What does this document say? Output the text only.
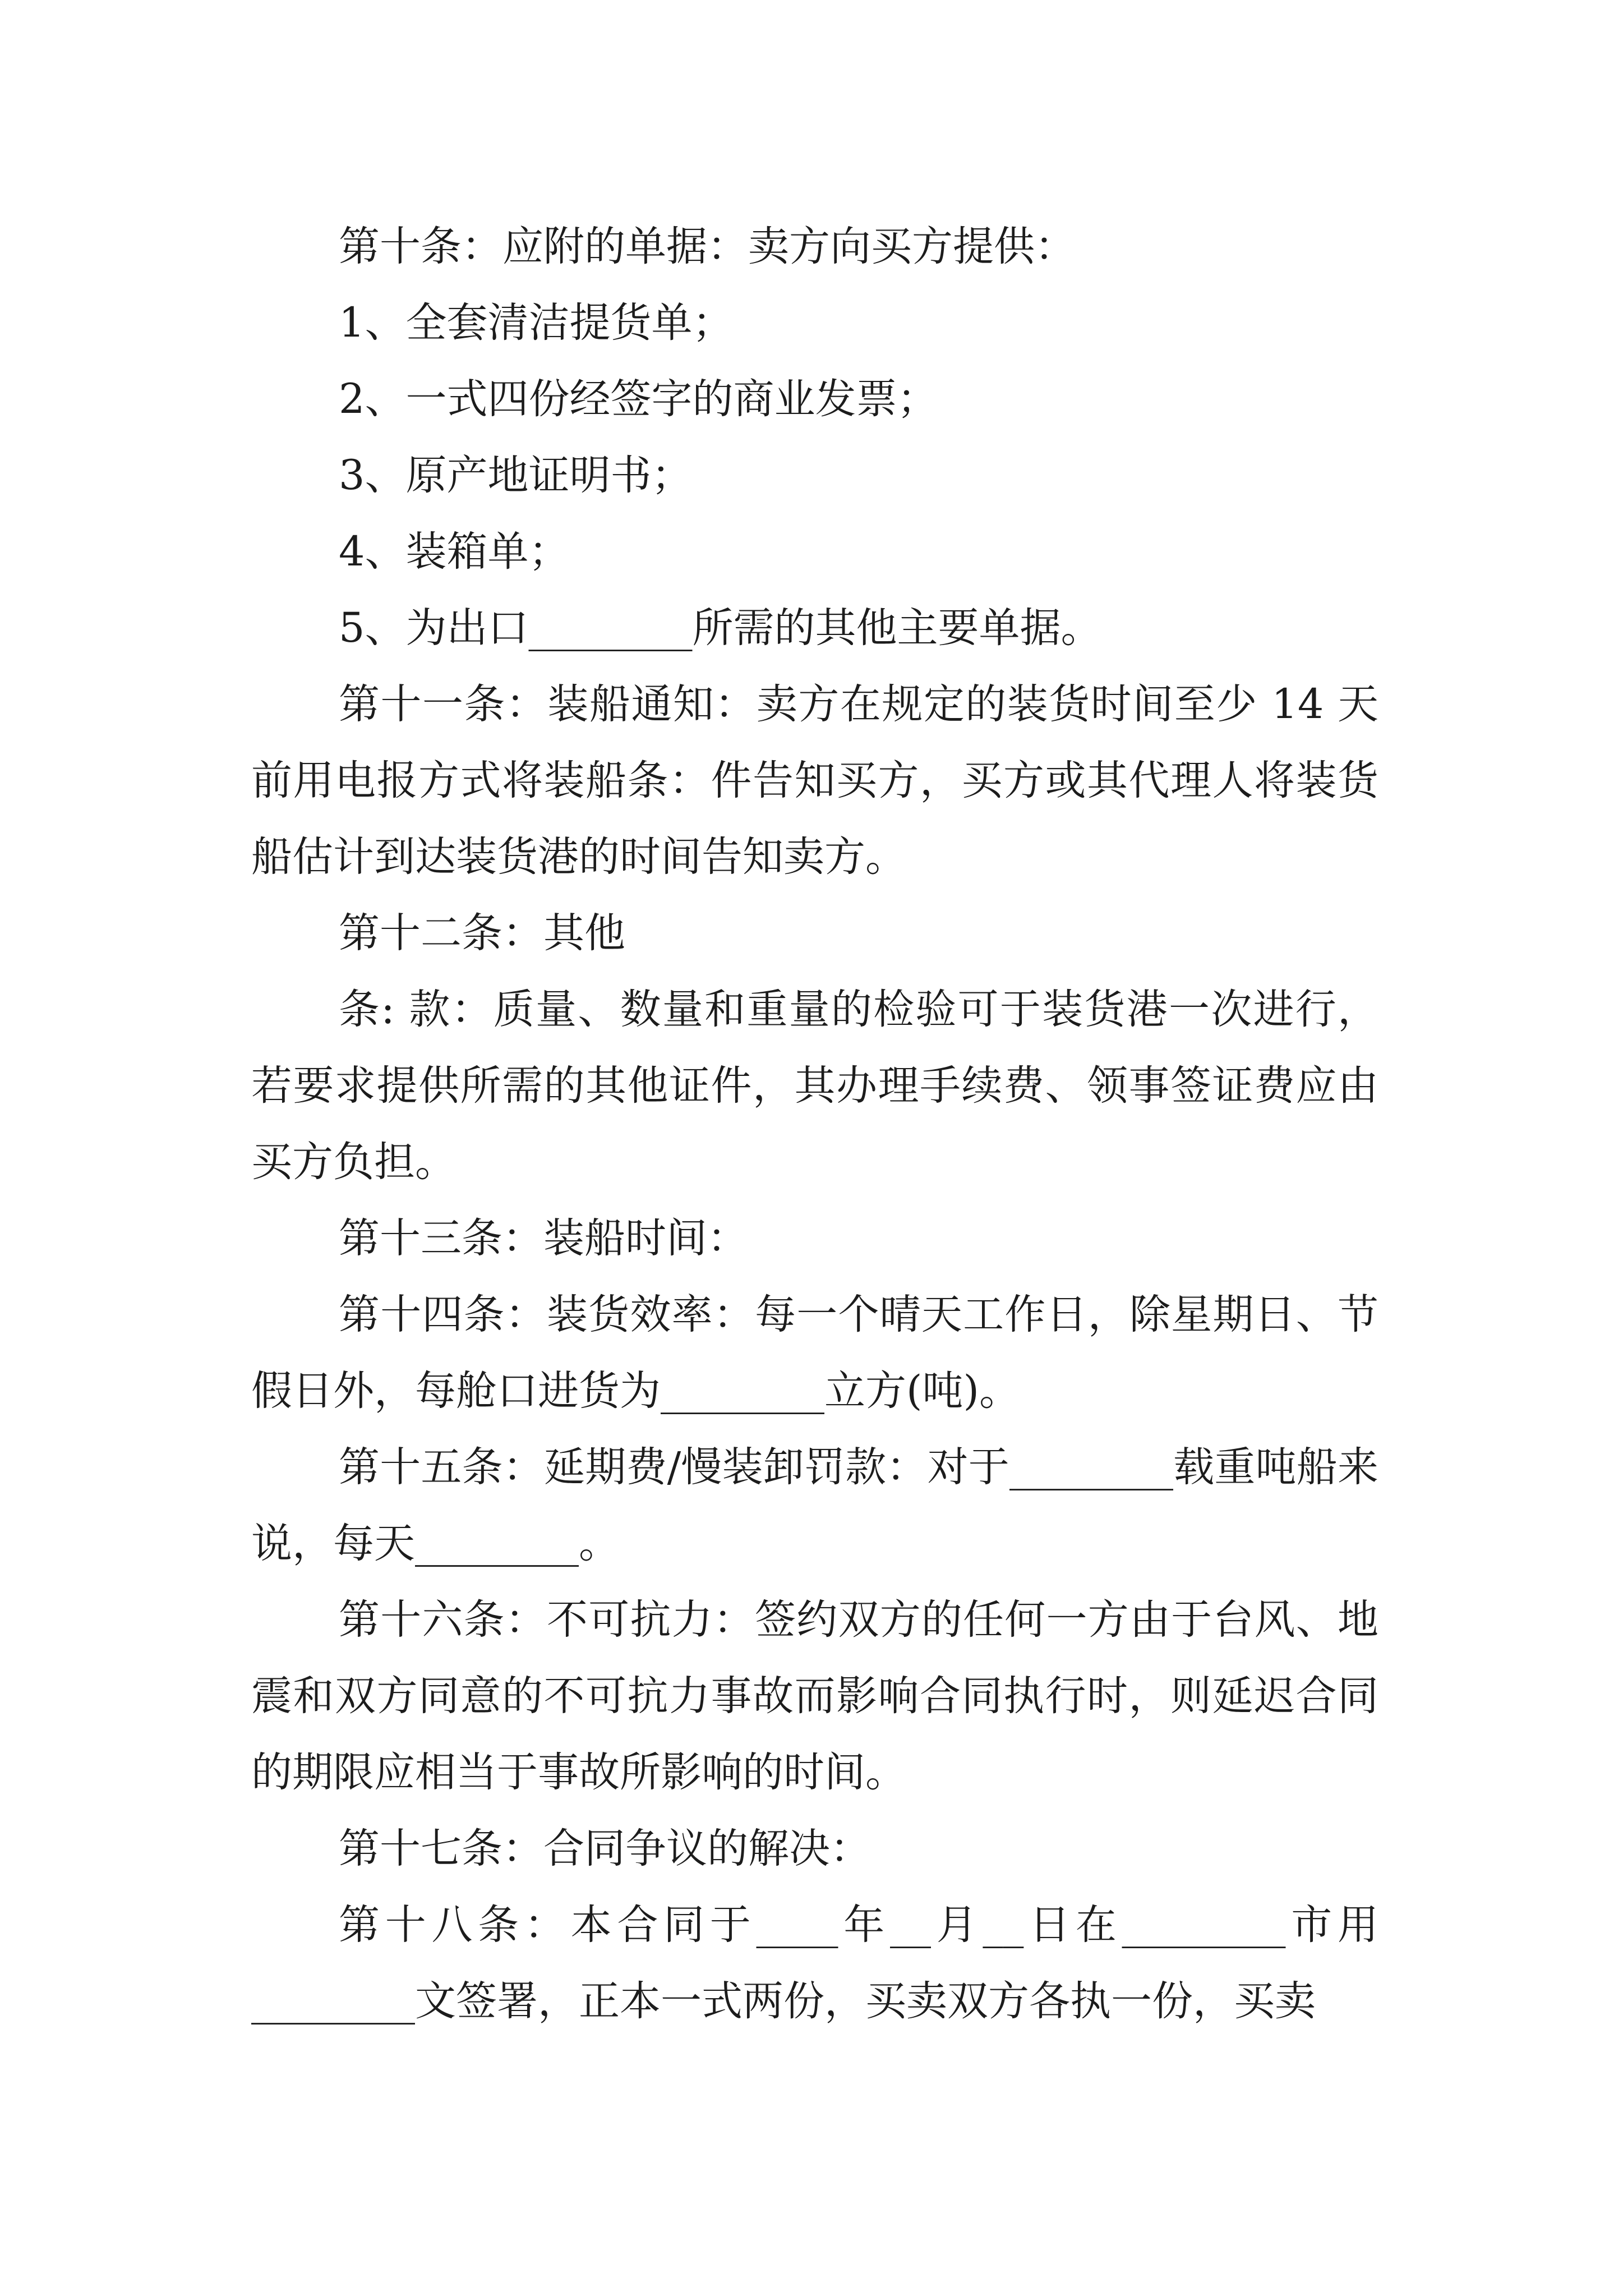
第十条：应附的单据：卖方向买方提供：

1、全套清洁提货单；

2、一式四份经签字的商业发票；

3、原产地证明书；

4、装箱单；

5、为出口________所需的其他主要单据。

第十一条：装船通知：卖方在规定的装货时间至少 14 天前用电报方式将装船条：件告知买方，买方或其代理人将装货船估计到达装货港的时间告知卖方。

第十二条：其他

条: 款：质量、数量和重量的检验可于装货港一次进行，若要求提供所需的其他证件，其办理手续费、领事签证费应由买方负担。

第十三条：装船时间：

第十四条：装货效率：每一个晴天工作日，除星期日、节假日外，每舱口进货为________立方(吨)。

第十五条：延期费/慢装卸罚款：对于________载重吨船来说，每天________。

第十六条：不可抗力：签约双方的任何一方由于台风、地震和双方同意的不可抗力事故而影响合同执行时，则延迟合同的期限应相当于事故所影响的时间。

第十七条：合同争议的解决：

第十八条：本合同于____年__月__日在________市用________文签署，正本一式两份，买卖双方各执一份，买卖
